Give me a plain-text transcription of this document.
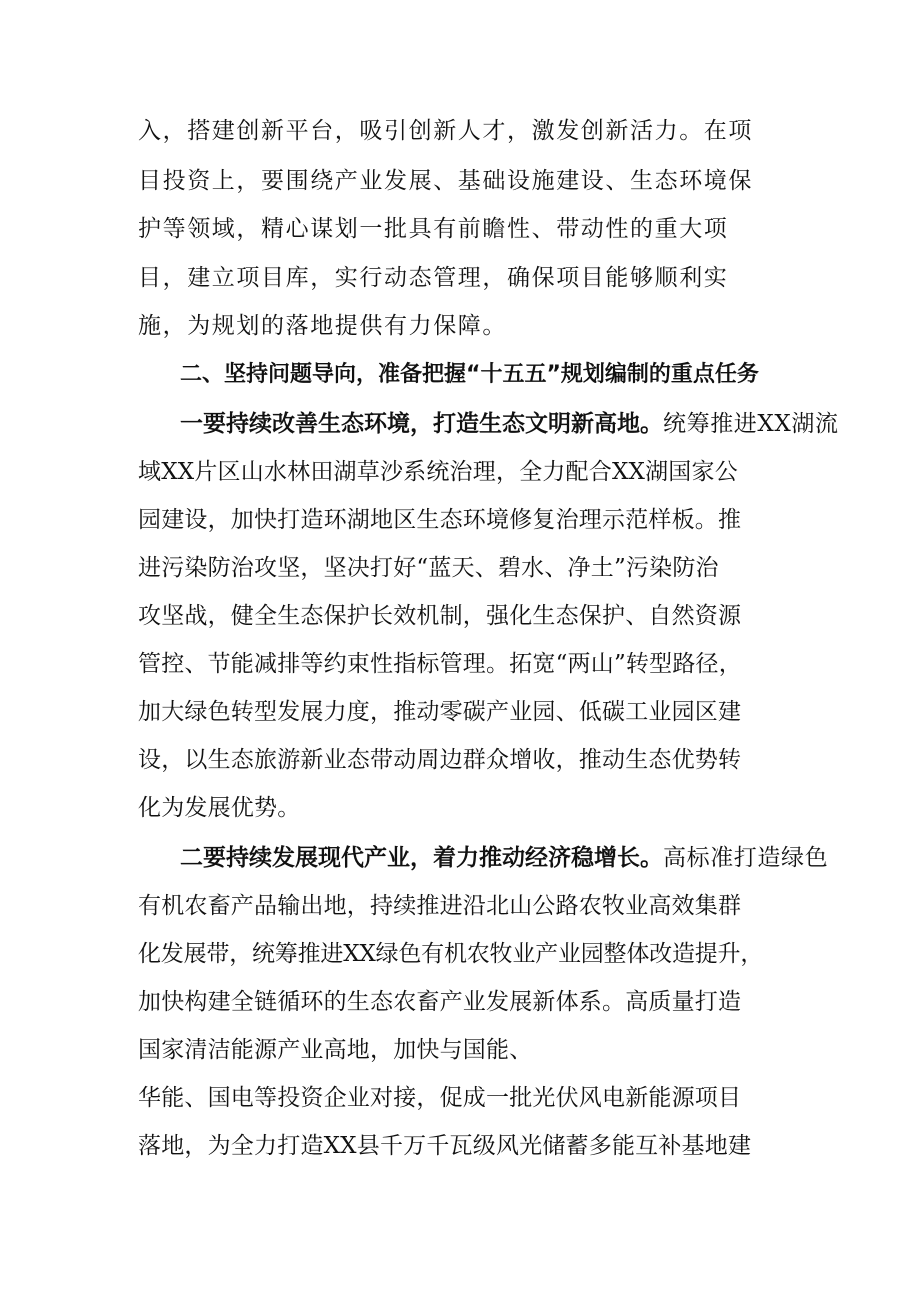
入，搭建创新平台，吸引创新人才，激发创新活力。在项

目投资上，要围绕产业发展、基础设施建设、生态环境保

护等领域，精心谋划一批具有前瞻性、带动性的重大项

目，建立项目库，实行动态管理，确保项目能够顺利实

施，为规划的落地提供有力保障。

二、坚持问题导向，准备把握“十五五”规划编制的重点任务

一要持续改善生态环境，打造生态文明新高地。统筹推进XX湖流

域XX片区山水林田湖草沙系统治理，全力配合XX湖国家公

园建设，加快打造环湖地区生态环境修复治理示范样板。推

进污染防治攻坚，坚决打好“蓝天、碧水、净土”污染防治

攻坚战，健全生态保护长效机制，强化生态保护、自然资源

管控、节能减排等约束性指标管理。拓宽“两山”转型路径，

加大绿色转型发展力度，推动零碳产业园、低碳工业园区建

设，以生态旅游新业态带动周边群众增收，推动生态优势转

化为发展优势。

二要持续发展现代产业，着力推动经济稳增长。高标准打造绿色

有机农畜产品输出地，持续推进沿北山公路农牧业高效集群

化发展带，统筹推进XX绿色有机农牧业产业园整体改造提升，

加快构建全链循环的生态农畜产业发展新体系。高质量打造

国家清洁能源产业高地，加快与国能、

华能、国电等投资企业对接，促成一批光伏风电新能源项目

落地，为全力打造XX县千万千瓦级风光储蓄多能互补基地建
